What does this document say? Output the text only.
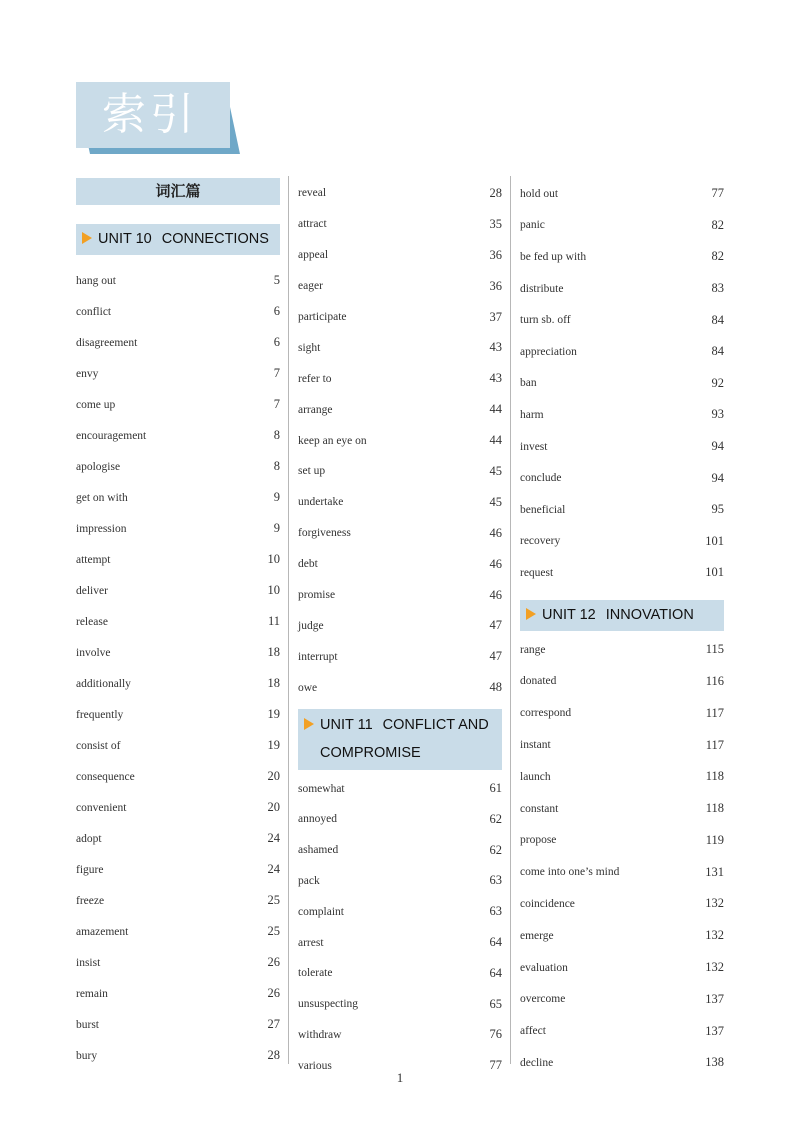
索引
词汇篇
UNIT 10 CONNECTIONS
hang out	5
conflict	6
disagreement	6
envy	7
come up	7
encouragement	8
apologise	8
get on with	9
impression	9
attempt	10
deliver	10
release	11
involve	18
additionally	18
frequently	19
consist of	19
consequence	20
convenient	20
adopt	24
figure	24
freeze	25
amazement	25
insist	26
remain	26
burst	27
bury	28
reveal	28
attract	35
appeal	36
eager	36
participate	37
sight	43
refer to	43
arrange	44
keep an eye on	44
set up	45
undertake	45
forgiveness	46
debt	46
promise	46
judge	47
interrupt	47
owe	48
UNIT 11 CONFLICT AND
COMPROMISE
somewhat	61
annoyed	62
ashamed	62
pack	63
complaint	63
arrest	64
tolerate	64
unsuspecting	65
withdraw	76
various	77
hold out	77
panic	82
be fed up with	82
distribute	83
turn sb. off	84
appreciation	84
ban	92
harm	93
invest	94
conclude	94
beneficial	95
recovery	101
request	101
UNIT 12 INNOVATION
range	115
donated	116
correspond	117
instant	117
launch	118
constant	118
propose	119
come into one’s mind	131
coincidence	132
emerge	132
evaluation	132
overcome	137
affect	137
decline	138
1
